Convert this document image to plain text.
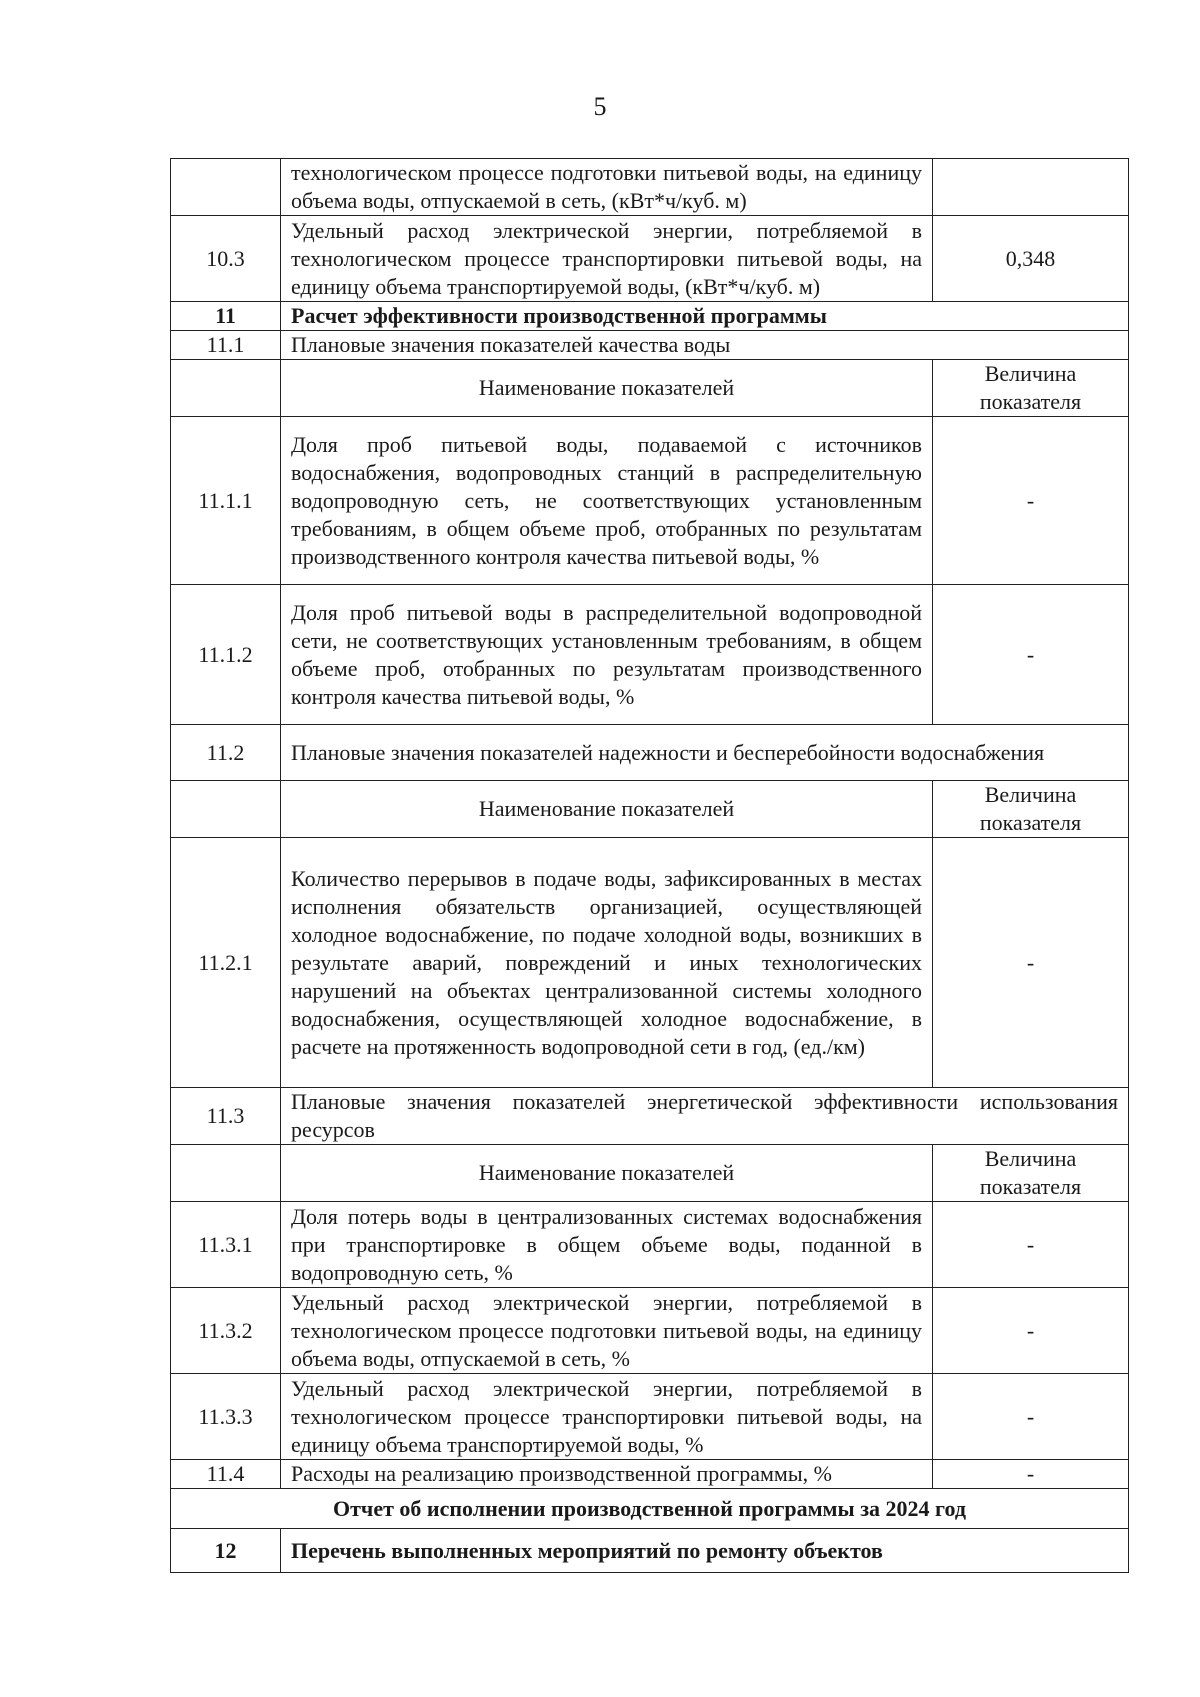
5
	технологическом процессе подготовки питьевой воды, на единицу объема воды, отпускаемой в сеть, (кВт*ч/куб. м)	
10.3	Удельный расход электрической энергии, потребляемой в технологическом процессе транспортировки питьевой воды, на единицу объема транспортируемой воды, (кВт*ч/куб. м)	0,348
11	Расчет эффективности производственной программы	
11.1	Плановые значения показателей качества воды	
	Наименование показателей	Величина показателя
11.1.1	Доля проб питьевой воды, подаваемой с источников водоснабжения, водопроводных станций в распределительную водопроводную сеть, не соответствующих установленным требованиям, в общем объеме проб, отобранных по результатам производственного контроля качества питьевой воды, %	-
11.1.2	Доля проб питьевой воды в распределительной водопроводной сети, не соответствующих установленным требованиям, в общем объеме проб, отобранных по результатам производственного контроля качества питьевой воды, %	-
11.2	Плановые значения показателей надежности и бесперебойности водоснабжения	
	Наименование показателей	Величина показателя
11.2.1	Количество перерывов в подаче воды, зафиксированных в местах исполнения обязательств организацией, осуществляющей холодное водоснабжение, по подаче холодной воды, возникших в результате аварий, повреждений и иных технологических нарушений на объектах централизованной системы холодного водоснабжения, осуществляющей холодное водоснабжение, в расчете на протяженность водопроводной сети в год, (ед./км)	-
11.3	Плановые значения показателей энергетической эффективности использования ресурсов	
	Наименование показателей	Величина показателя
11.3.1	Доля потерь воды в централизованных системах водоснабжения при транспортировке в общем объеме воды, поданной в водопроводную сеть, %	-
11.3.2	Удельный расход электрической энергии, потребляемой в технологическом процессе подготовки питьевой воды, на единицу объема воды, отпускаемой в сеть, %	-
11.3.3	Удельный расход электрической энергии, потребляемой в технологическом процессе транспортировки питьевой воды, на единицу объема транспортируемой воды, %	-
11.4	Расходы на реализацию производственной программы, %	-
Отчет об исполнении производственной программы за 2024 год		
12	Перечень выполненных мероприятий по ремонту объектов	
